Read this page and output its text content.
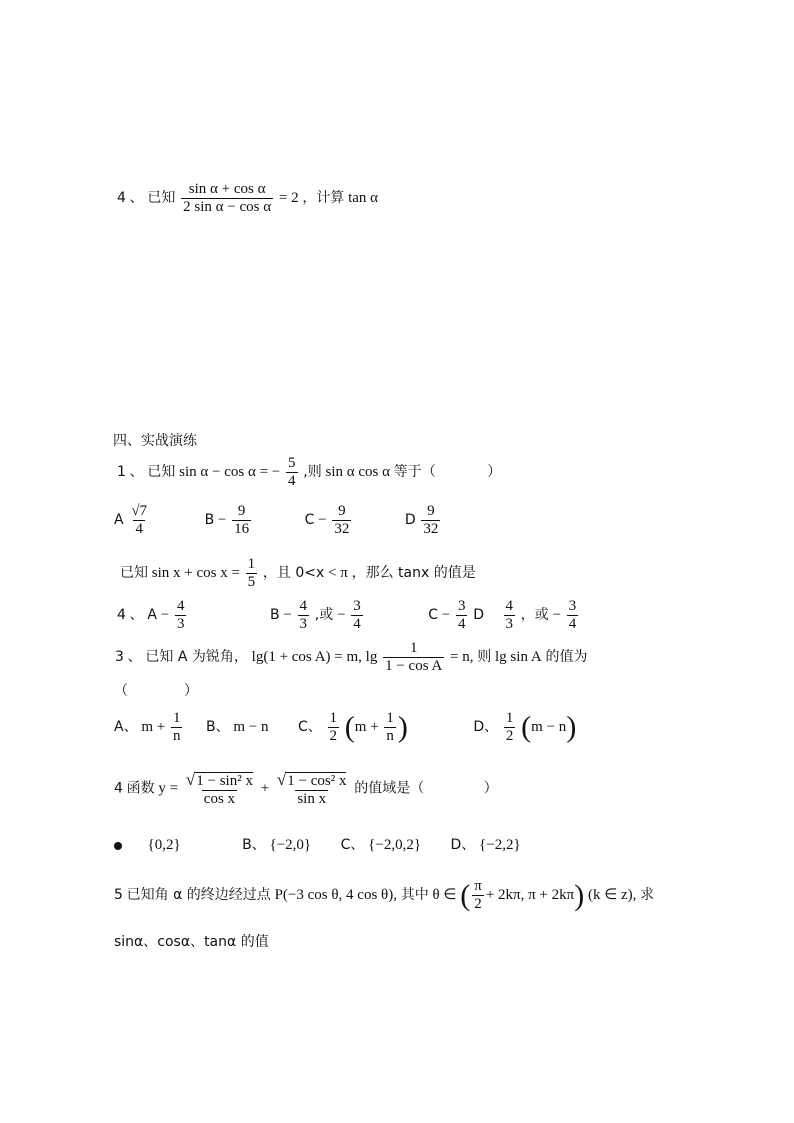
4 、 已知 $\frac{\text{sin α + cos α}}{\text{2 sin α − cos α}} = 2$ ，计算 tan α
四、实战演练
1 、 已知 sin α − cos α = − $\frac{5}{4}$ ,则 sin α cos α 等于（	）
A $\frac{√7}{4}$	$B - \frac{9}{16}$	$C - \frac{9}{32}$	D $\frac{9}{32}$
已知 $\sin x + \cos x = \frac{1}{5}$ ，且 0<x < π ，那么 tanx 的值是
4 、 $A - \frac{4}{3}$	$B - \frac{4}{3}$ ,或 − $\frac{3}{4}$	$C - \frac{3}{4}$ D $\frac{4}{3}$ ，或 − $\frac{3}{4}$
3 、 已知 A 为锐角， lg(1 + cos A) = m, $\lg \frac{1}{\text{1 − cos A}} = n$, 则 lg sin A 的值为
（　　　　）
A、 $m + \frac{1}{n}$ B、 m − n C、 $\frac{1}{2} (m + \frac{1}{n}$ )	D、 $\frac{1}{2} (m - n)$
4 函数 $y = \frac{\text{√1 − sin² x}}{\text{cos x}} + \frac{\text{√1 − cos² x}}{\text{sin x}}$ 的值域是（	）
{0,2}	B、 {−2,0} C、 {−2,0,2} D、 {−2,2}
5 已知角 α 的终边经过点 P(−3 cos θ, 4 cos θ), 其中 θ ∈ ( $\frac{\pi}{2} + 2k\pi$, π + 2kπ) (k ∈ z), 求
sinα、cosα、tanα 的值
